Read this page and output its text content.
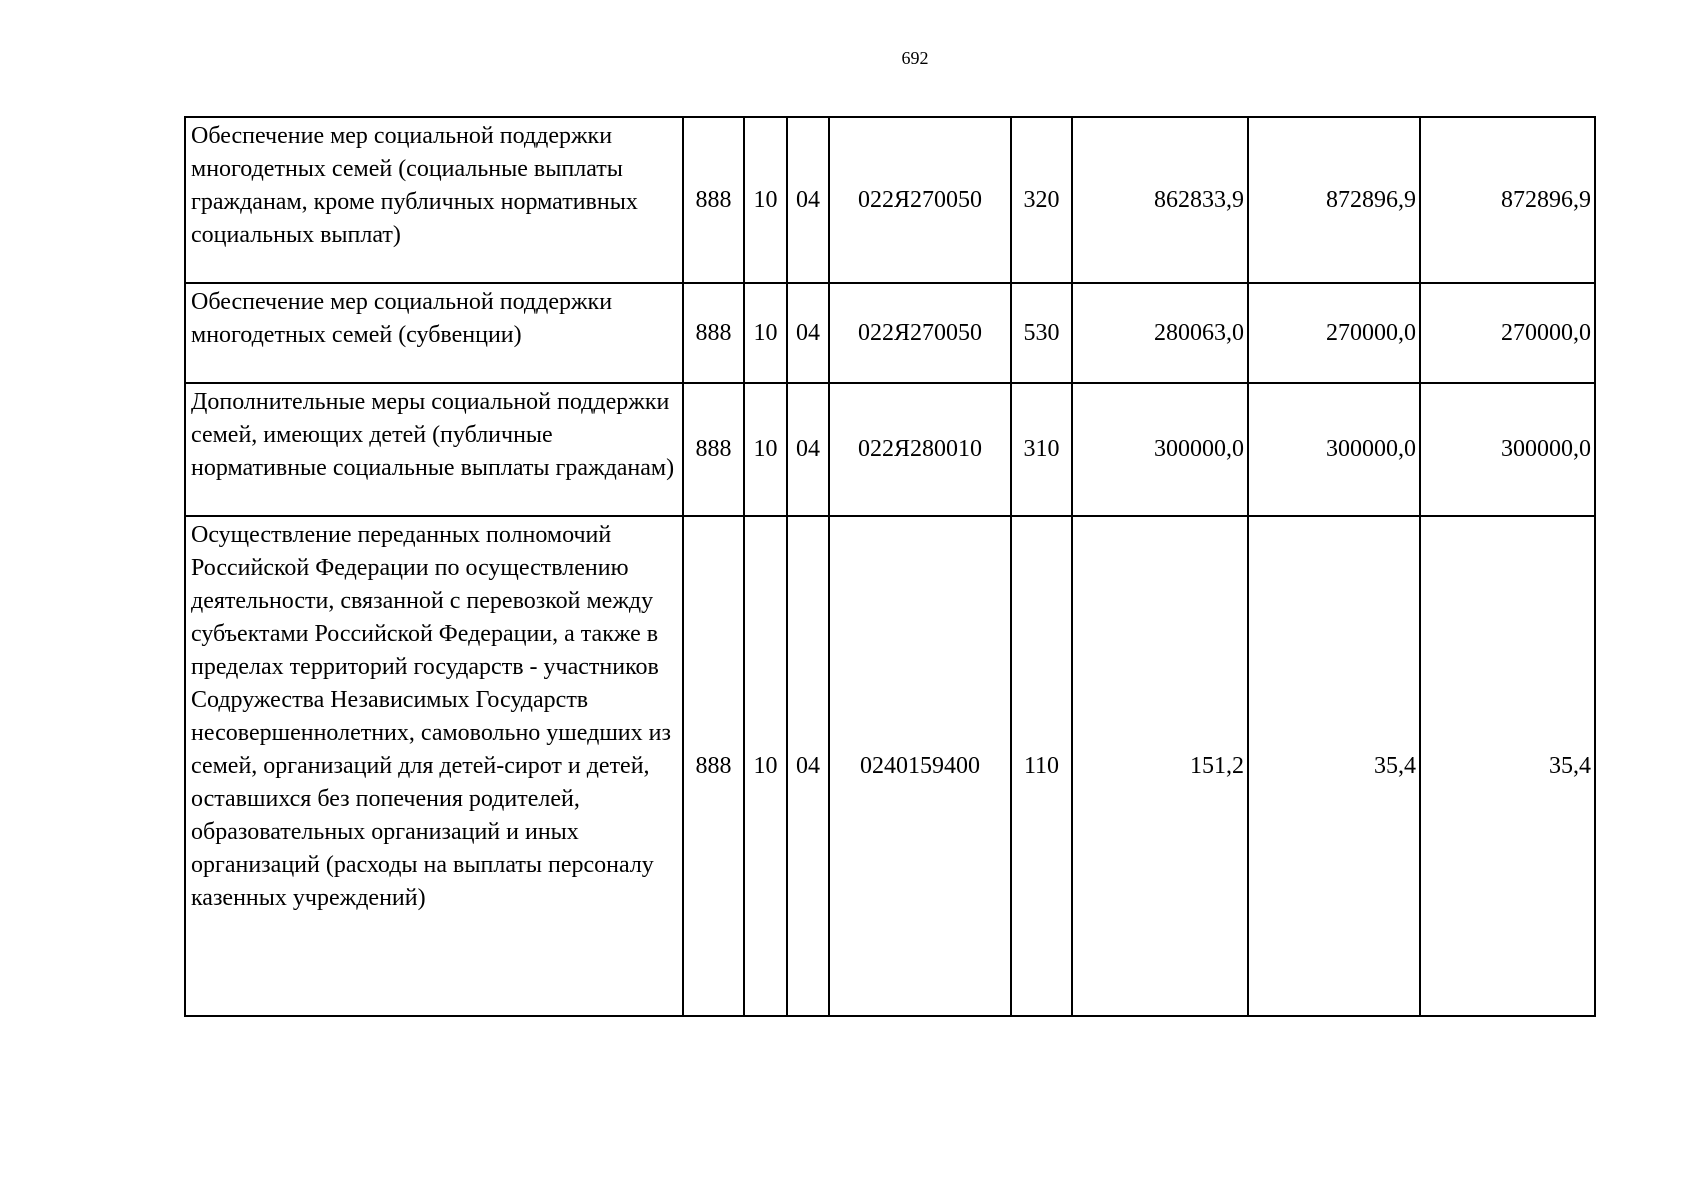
692
Обеспечение мер социальной поддержки многодетных семей (социальные выплаты гражданам, кроме публичных нормативных социальных выплат)	888	10	04	022Я270050	320	862833,9	872896,9	872896,9
Обеспечение мер социальной поддержки многодетных семей (субвенции)	888	10	04	022Я270050	530	280063,0	270000,0	270000,0
Дополнительные меры социальной поддержки семей, имеющих детей (публичные нормативные социальные выплаты гражданам)	888	10	04	022Я280010	310	300000,0	300000,0	300000,0
Осуществление переданных полномочий Российской Федерации по осуществлению деятельности, связанной с перевозкой между субъектами Российской Федерации, а также в пределах территорий государств - участников Содружества Независимых Государств несовершеннолетних, самовольно ушедших из семей, организаций для детей-сирот и детей, оставшихся без попечения родителей, образовательных организаций и иных организаций (расходы на выплаты персоналу казенных учреждений)	888	10	04	0240159400	110	151,2	35,4	35,4
